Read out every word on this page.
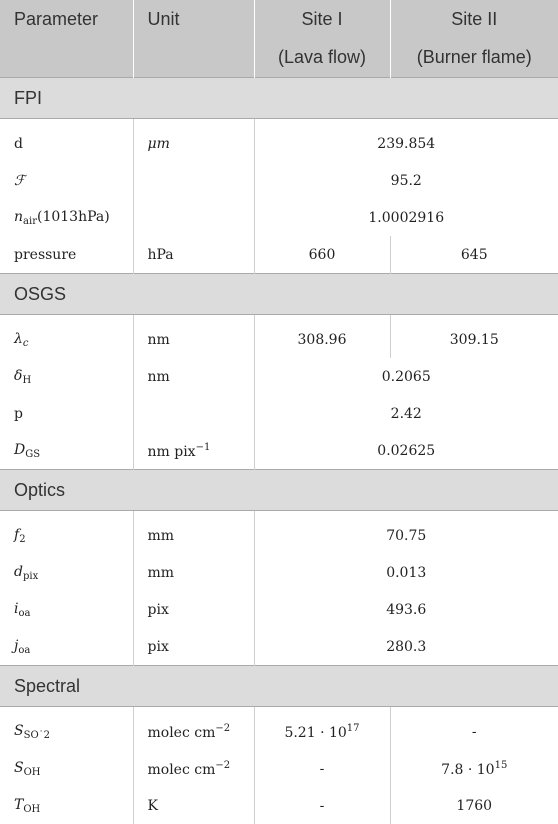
Parameter	Unit	Site I	Site II
		(Lava flow)	(Burner flame)
FPI			
d	μm	239.854	
ℱ		95.2	
$n_{air}(1013hPa)$		1.0002916	
pressure	hPa	660	645
OSGS			
$\lambda_c$	nm	308.96	309.15
$\delta_H$	nm	0.2065	
p		2.42	
$D_{GS}$	nm pix$^{-1}$	0.02625	
Optics			
$f_2$	mm	70.75	
$d_{pix}$	mm	0.013	
$i_{oa}$	pix	493.6	
$j_{oa}$	pix	280.3	
Spectral			
$S_{SO˙2}$	molec $cm^{-2}$	$5.21 \cdot 10^{17}$	-
$S_{OH}$	molec $cm^{-2}$	-	$7.8 \cdot 10^{15}$
$T_{OH}$	K	-	1760
